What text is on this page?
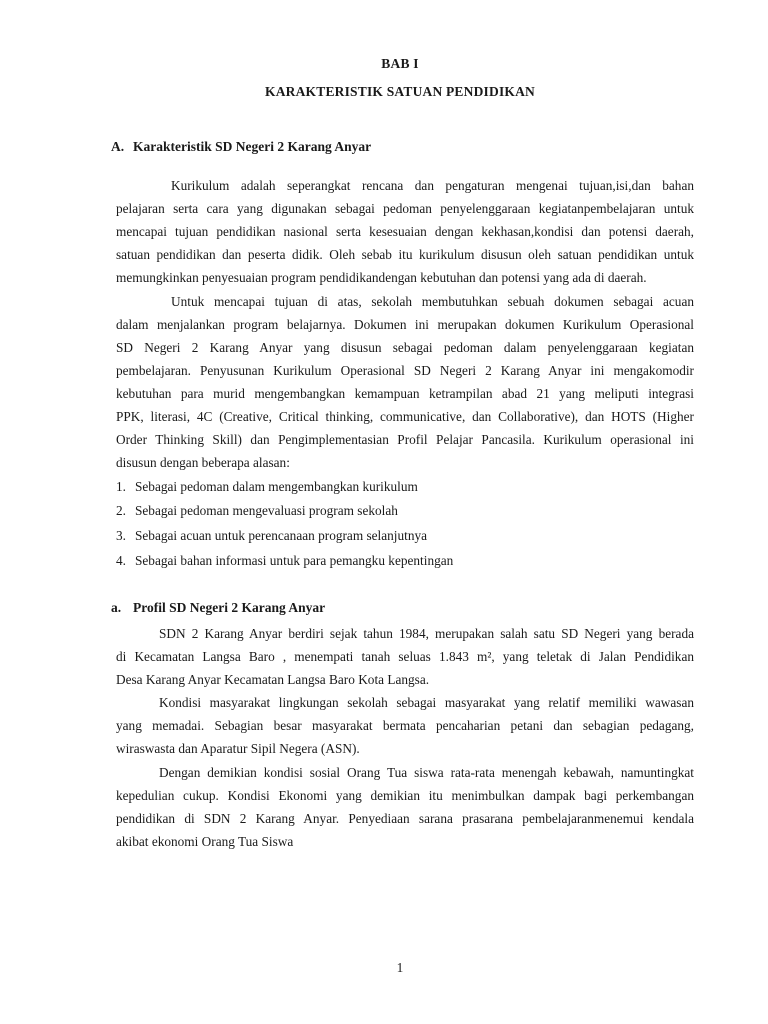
BAB I
KARAKTERISTIK SATUAN PENDIDIKAN
A. Karakteristik SD Negeri 2 Karang Anyar
Kurikulum adalah seperangkat rencana dan pengaturan mengenai tujuan,isi,dan bahan
pelajaran serta cara yang digunakan sebagai pedoman penyelenggaraan kegiatanpembelajaran untuk
mencapai tujuan pendidikan nasional serta kesesuaian dengan kekhasan,kondisi dan potensi daerah,
satuan pendidikan dan peserta didik. Oleh sebab itu kurikulum disusun oleh satuan pendidikan untuk
memungkinkan penyesuaian program pendidikandengan kebutuhan dan potensi yang ada di daerah.
Untuk mencapai tujuan di atas, sekolah membutuhkan sebuah dokumen sebagai acuan
dalam menjalankan program belajarnya. Dokumen ini merupakan dokumen Kurikulum Operasional
SD Negeri 2 Karang Anyar yang disusun sebagai pedoman dalam penyelenggaraan kegiatan
pembelajaran. Penyusunan Kurikulum Operasional SD Negeri 2 Karang Anyar ini mengakomodir
kebutuhan para murid mengembangkan kemampuan ketrampilan abad 21 yang meliputi integrasi
PPK, literasi, 4C (Creative, Critical thinking, communicative, dan Collaborative), dan HOTS (Higher
Order Thinking Skill) dan Pengimplementasian Profil Pelajar Pancasila. Kurikulum operasional ini
disusun dengan beberapa alasan:
1. Sebagai pedoman dalam mengembangkan kurikulum
2. Sebagai pedoman mengevaluasi program sekolah
3. Sebagai acuan untuk perencanaan program selanjutnya
4. Sebagai bahan informasi untuk para pemangku kepentingan
a. Profil SD Negeri 2 Karang Anyar
SDN 2 Karang Anyar berdiri sejak tahun 1984, merupakan salah satu SD Negeri yang berada
di Kecamatan Langsa Baro , menempati tanah seluas 1.843 m², yang teletak di Jalan Pendidikan
Desa Karang Anyar Kecamatan Langsa Baro Kota Langsa.
Kondisi masyarakat lingkungan sekolah sebagai masyarakat yang relatif memiliki wawasan
yang memadai. Sebagian besar masyarakat bermata pencaharian petani dan sebagian pedagang,
wiraswasta dan Aparatur Sipil Negera (ASN).
Dengan demikian kondisi sosial Orang Tua siswa rata-rata menengah kebawah, namuntingkat
kepedulian cukup. Kondisi Ekonomi yang demikian itu menimbulkan dampak bagi perkembangan
pendidikan di SDN 2 Karang Anyar. Penyediaan sarana prasarana pembelajaranmenemui kendala
akibat ekonomi Orang Tua Siswa
1
